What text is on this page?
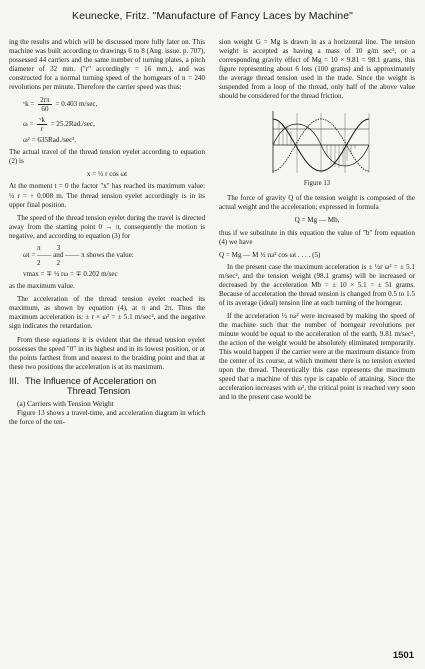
Keunecke, Fritz. "Manufacture of Fancy Laces by Machine"

ing the results and which will be discussed more fully later on. This machine was built according to drawings 6 to 8 (Ang. issue. p. 707), possessed 44 carriers and the same number of turning plates, a pitch diameter of 32 mm. ("r" accordingly = 16 mm.), and was constructed for a normal turning speed of the horngears of n = 240 revolutions per minute. Therefore the carrier speed was thus:

ᵛk = $\frac{2r\pi}{60} = 0.403$ m/sec,
$\omega = \frac{\text{ᵛk}}{r} = 25.2Rad./\sec$,
ω² = 635Rad./sec².

The actual travel of the thread tension eyelet according to equation (2) is

x = ½ r cos ωt

At the moment t = 0 the factor "x" has reached its maximum value: ½ r = + 0.008 m. The thread tension eyelet accordingly is in its upper final position.

The speed of the thread tension eyelet during the travel is directed away from the starting point 0 → π, consequently the motion is negative, and according to equation (3) for

π 3
ωt = —— and —— π shows the value:
2 2
vmax = ∓ ½ rω = ∓ 0.202 m/sec

as the maximum value.

The acceleration of the thread tension eyelet reached its maximum, as shown by equation (4), at π and 2π. Thus the maximum acceleration is: ± r × ω² = ± 5.1 m/sec², and the negative sign indicates the retardation.

From these equations it is evident that the thread tension eyelet possesses the speed "0" in its highest and in its lowest position, or at the points farthest from and nearest to the braiding point and that at these two positions the acceleration is at its maximum.

III. The Influence of Acceleration on
Thread Tension
(a) Carriers with Tension Weight

Figure 13 shows a travel-time, and acceleration diagram in which the force of the ten-

sion weight G = Mg is drawn in as a horizontal line. The tension weight is accepted as having a mass of 10 g/m sec², or a corresponding gravity effect of Mg = 10 × 9.81 = 98.1 grams, this figure representing about 6 lots (100 grams) and is approximately the average thread tension used in the trade. Since the weight is suspended from a loop of the thread, only half of the above value should be considered for the thread friction.

Figure 13

The force of gravity Q of the tension weight is composed of the actual weight and the acceleration; expressed in formula

Q = Mg — Mb,

thus if we substitute in this equation the value of "b" from equation (4) we have

Q = Mg — M ½ rω² cos ωt . . . . (5)

In the present case the maximum acceleration is ± ½r ω² = ± 5.1 m/sec², and the tension weight (98.1 grams) will be increased or decreased by the acceleration Mb = ± 10 × 5.1 = ± 51 grams. Because of acceleration the thread tension is changed from 0.5 to 1.5 of its average (ideal) tension line at each turning of the horngear.

If the acceleration ½ rω² were increased by making the speed of the machine such that the number of horngear revolutions per minute would be equal to the acceleration of the earth, 9.81 m/sec², the action of the weight would be absolutely eliminated temporarily. This would happen if the carrier were at the maximum distance from the center of its course, at which moment there is no tension exerted upon the thread. Theoretically this case represents the maximum speed that a machine of this type is capable of attaining. Since the acceleration increases with ω², the critical point is reached very soon and in the present case would be

1501
